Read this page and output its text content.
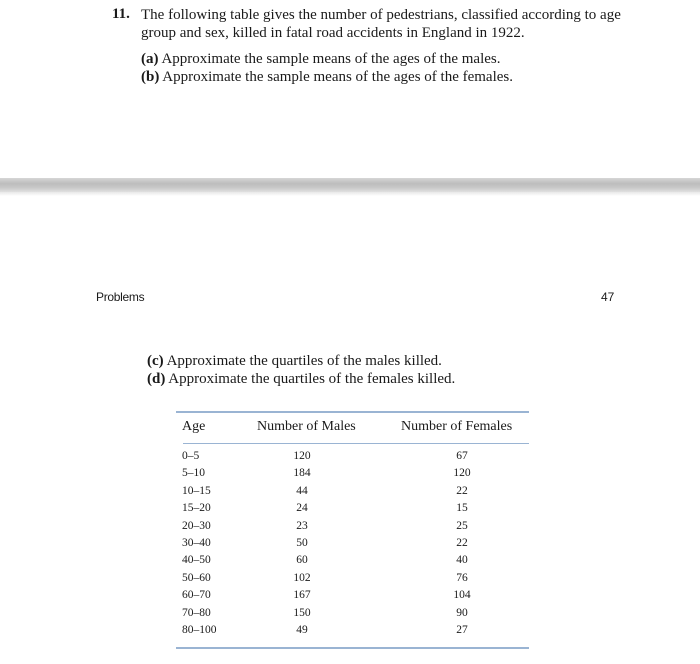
11. The following table gives the number of pedestrians, classified according to age group and sex, killed in fatal road accidents in England in 1922.
(a) Approximate the sample means of the ages of the males.
(b) Approximate the sample means of the ages of the females.
Problems	47
(c) Approximate the quartiles of the males killed.
(d) Approximate the quartiles of the females killed.
Age	Number of Males	Number of Females
0–5	120	67
5–10	184	120
10–15	44	22
15–20	24	15
20–30	23	25
30–40	50	22
40–50	60	40
50–60	102	76
60–70	167	104
70–80	150	90
80–100	49	27
